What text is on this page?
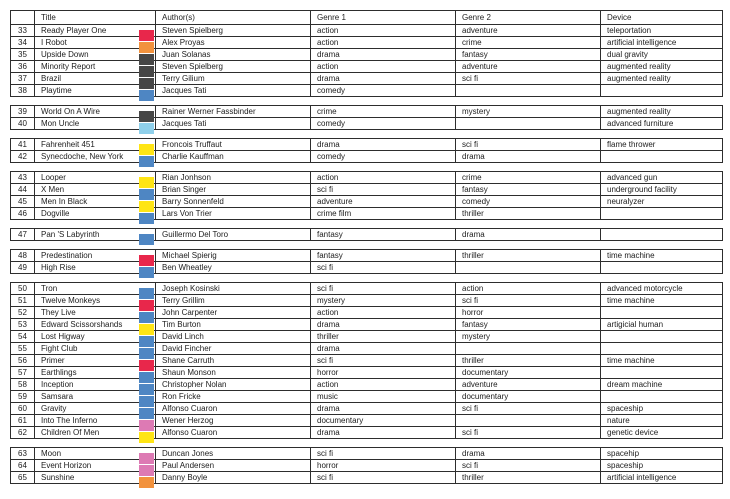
	Title	Author(s)	Genre 1	Genre 2	Device
33	Ready Player One	Steven Spielberg	action	adventure	teleportation
34	I Robot	Alex Proyas	action	crime	artificial intelligence
35	Upside Down	Juan Solanas	drama	fantasy	dual gravity
36	Minority Report	Steven Spielberg	action	adventure	augmented reality
37	Brazil	Terry Gilium	drama	sci fi	augmented reality
38	Playtime	Jacques Tati	comedy		
39	World On A Wire	Rainer Werner Fassbinder	crime	mystery	augmented reality
40	Mon Uncle	Jacques Tati	comedy		advanced furniture
41	Fahrenheit 451	Froncois Truffaut	drama	sci fi	flame thrower
42	Synecdoche, New York	Charlie Kauffman	comedy	drama	
43	Looper	Rian Jonhson	action	crime	advanced gun
44	X Men	Brian Singer	sci fi	fantasy	underground facility
45	Men In Black	Barry Sonnenfeld	adventure	comedy	neuralyzer
46	Dogville	Lars Von Trier	crime film	thriller	
47	Pan 'S Labyrinth	Guillermo Del Toro	fantasy	drama	
48	Predestination	Michael Spierig	fantasy	thriller	time machine
49	High Rise	Ben Wheatley	sci fi		
50	Tron	Joseph Kosinski	sci fi	action	advanced motorcycle
51	Twelve Monkeys	Terry Grillim	mystery	sci fi	time machine
52	They Live	John Carpenter	action	horror	
53	Edward Scissorshands	Tim Burton	drama	fantasy	artigicial human
54	Lost Higway	David Linch	thriller	mystery	
55	Fight Club	David Fincher	drama		
56	Primer	Shane Carruth	sci fi	thriller	time machine
57	Earthlings	Shaun Monson	horror	documentary	
58	Inception	Christopher Nolan	action	adventure	dream machine
59	Samsara	Ron Fricke	music	documentary	
60	Gravity	Alfonso Cuaron	drama	sci fi	spaceship
61	Into The Inferno	Wener Herzog	documentary		nature
62	Children Of Men	Alfonso Cuaron	drama	sci fi	genetic device
63	Moon	Duncan Jones	sci fi	drama	spacehip
64	Event Horizon	Paul Andersen	horror	sci fi	spaceship
65	Sunshine	Danny Boyle	sci fi	thriller	artificial intelligence
